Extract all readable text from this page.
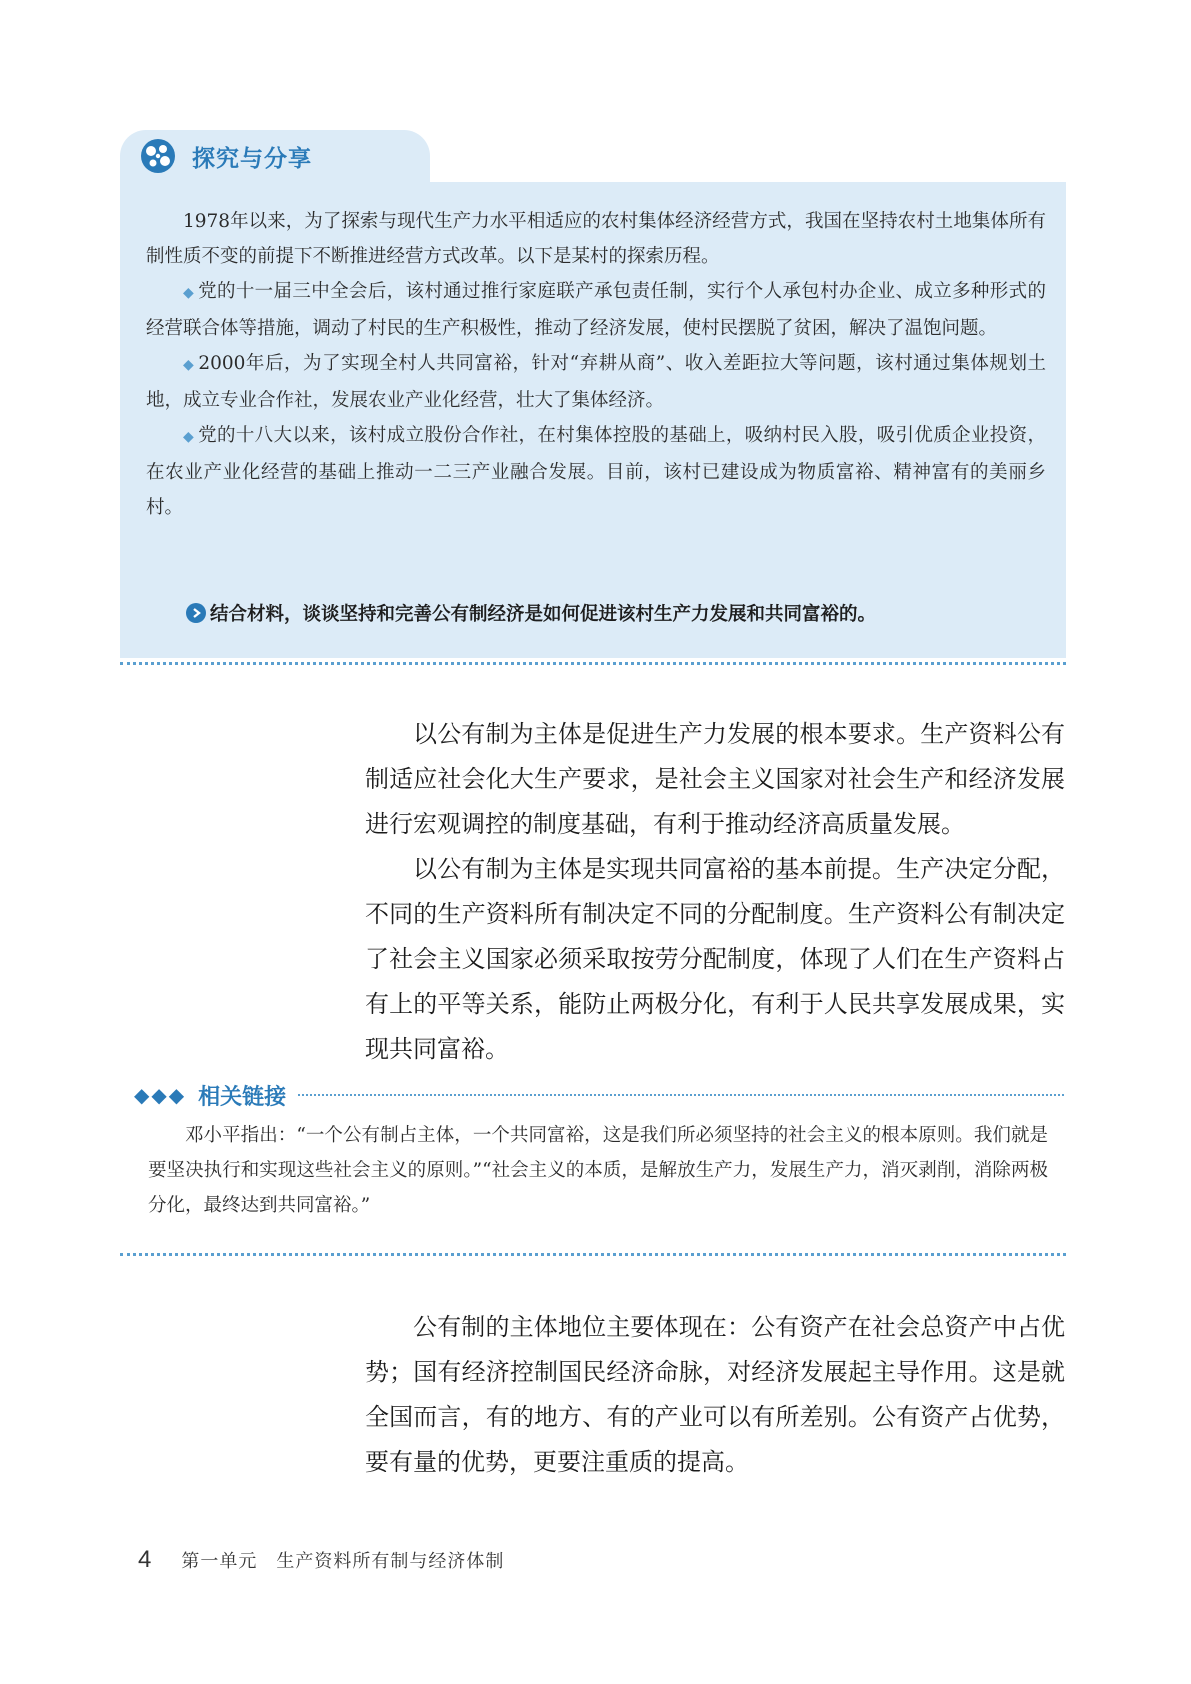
探究与分享

1978年以来，为了探索与现代生产力水平相适应的农村集体经济经营方式，我国在坚持农村土地集体所有制性质不变的前提下不断推进经营方式改革。以下是某村的探索历程。

◆ 党的十一届三中全会后，该村通过推行家庭联产承包责任制，实行个人承包村办企业、成立多种形式的经营联合体等措施，调动了村民的生产积极性，推动了经济发展，使村民摆脱了贫困，解决了温饱问题。

◆ 2000年后，为了实现全村人共同富裕，针对“弃耕从商”、收入差距拉大等问题，该村通过集体规划土地，成立专业合作社，发展农业产业化经营，壮大了集体经济。

◆ 党的十八大以来，该村成立股份合作社，在村集体控股的基础上，吸纳村民入股，吸引优质企业投资，在农业产业化经营的基础上推动一二三产业融合发展。目前，该村已建设成为物质富裕、精神富有的美丽乡村。

结合材料，谈谈坚持和完善公有制经济是如何促进该村生产力发展和共同富裕的。

以公有制为主体是促进生产力发展的根本要求。生产资料公有制适应社会化大生产要求，是社会主义国家对社会生产和经济发展进行宏观调控的制度基础，有利于推动经济高质量发展。

以公有制为主体是实现共同富裕的基本前提。生产决定分配，不同的生产资料所有制决定不同的分配制度。生产资料公有制决定了社会主义国家必须采取按劳分配制度，体现了人们在生产资料占有上的平等关系，能防止两极分化，有利于人民共享发展成果，实现共同富裕。

◆◆◆ 相关链接

邓小平指出：“一个公有制占主体，一个共同富裕，这是我们所必须坚持的社会主义的根本原则。我们就是要坚决执行和实现这些社会主义的原则。”“社会主义的本质，是解放生产力，发展生产力，消灭剥削，消除两极分化，最终达到共同富裕。”

公有制的主体地位主要体现在：公有资产在社会总资产中占优势；国有经济控制国民经济命脉，对经济发展起主导作用。这是就全国而言，有的地方、有的产业可以有所差别。公有资产占优势，要有量的优势，更要注重质的提高。

4 第一单元　生产资料所有制与经济体制
